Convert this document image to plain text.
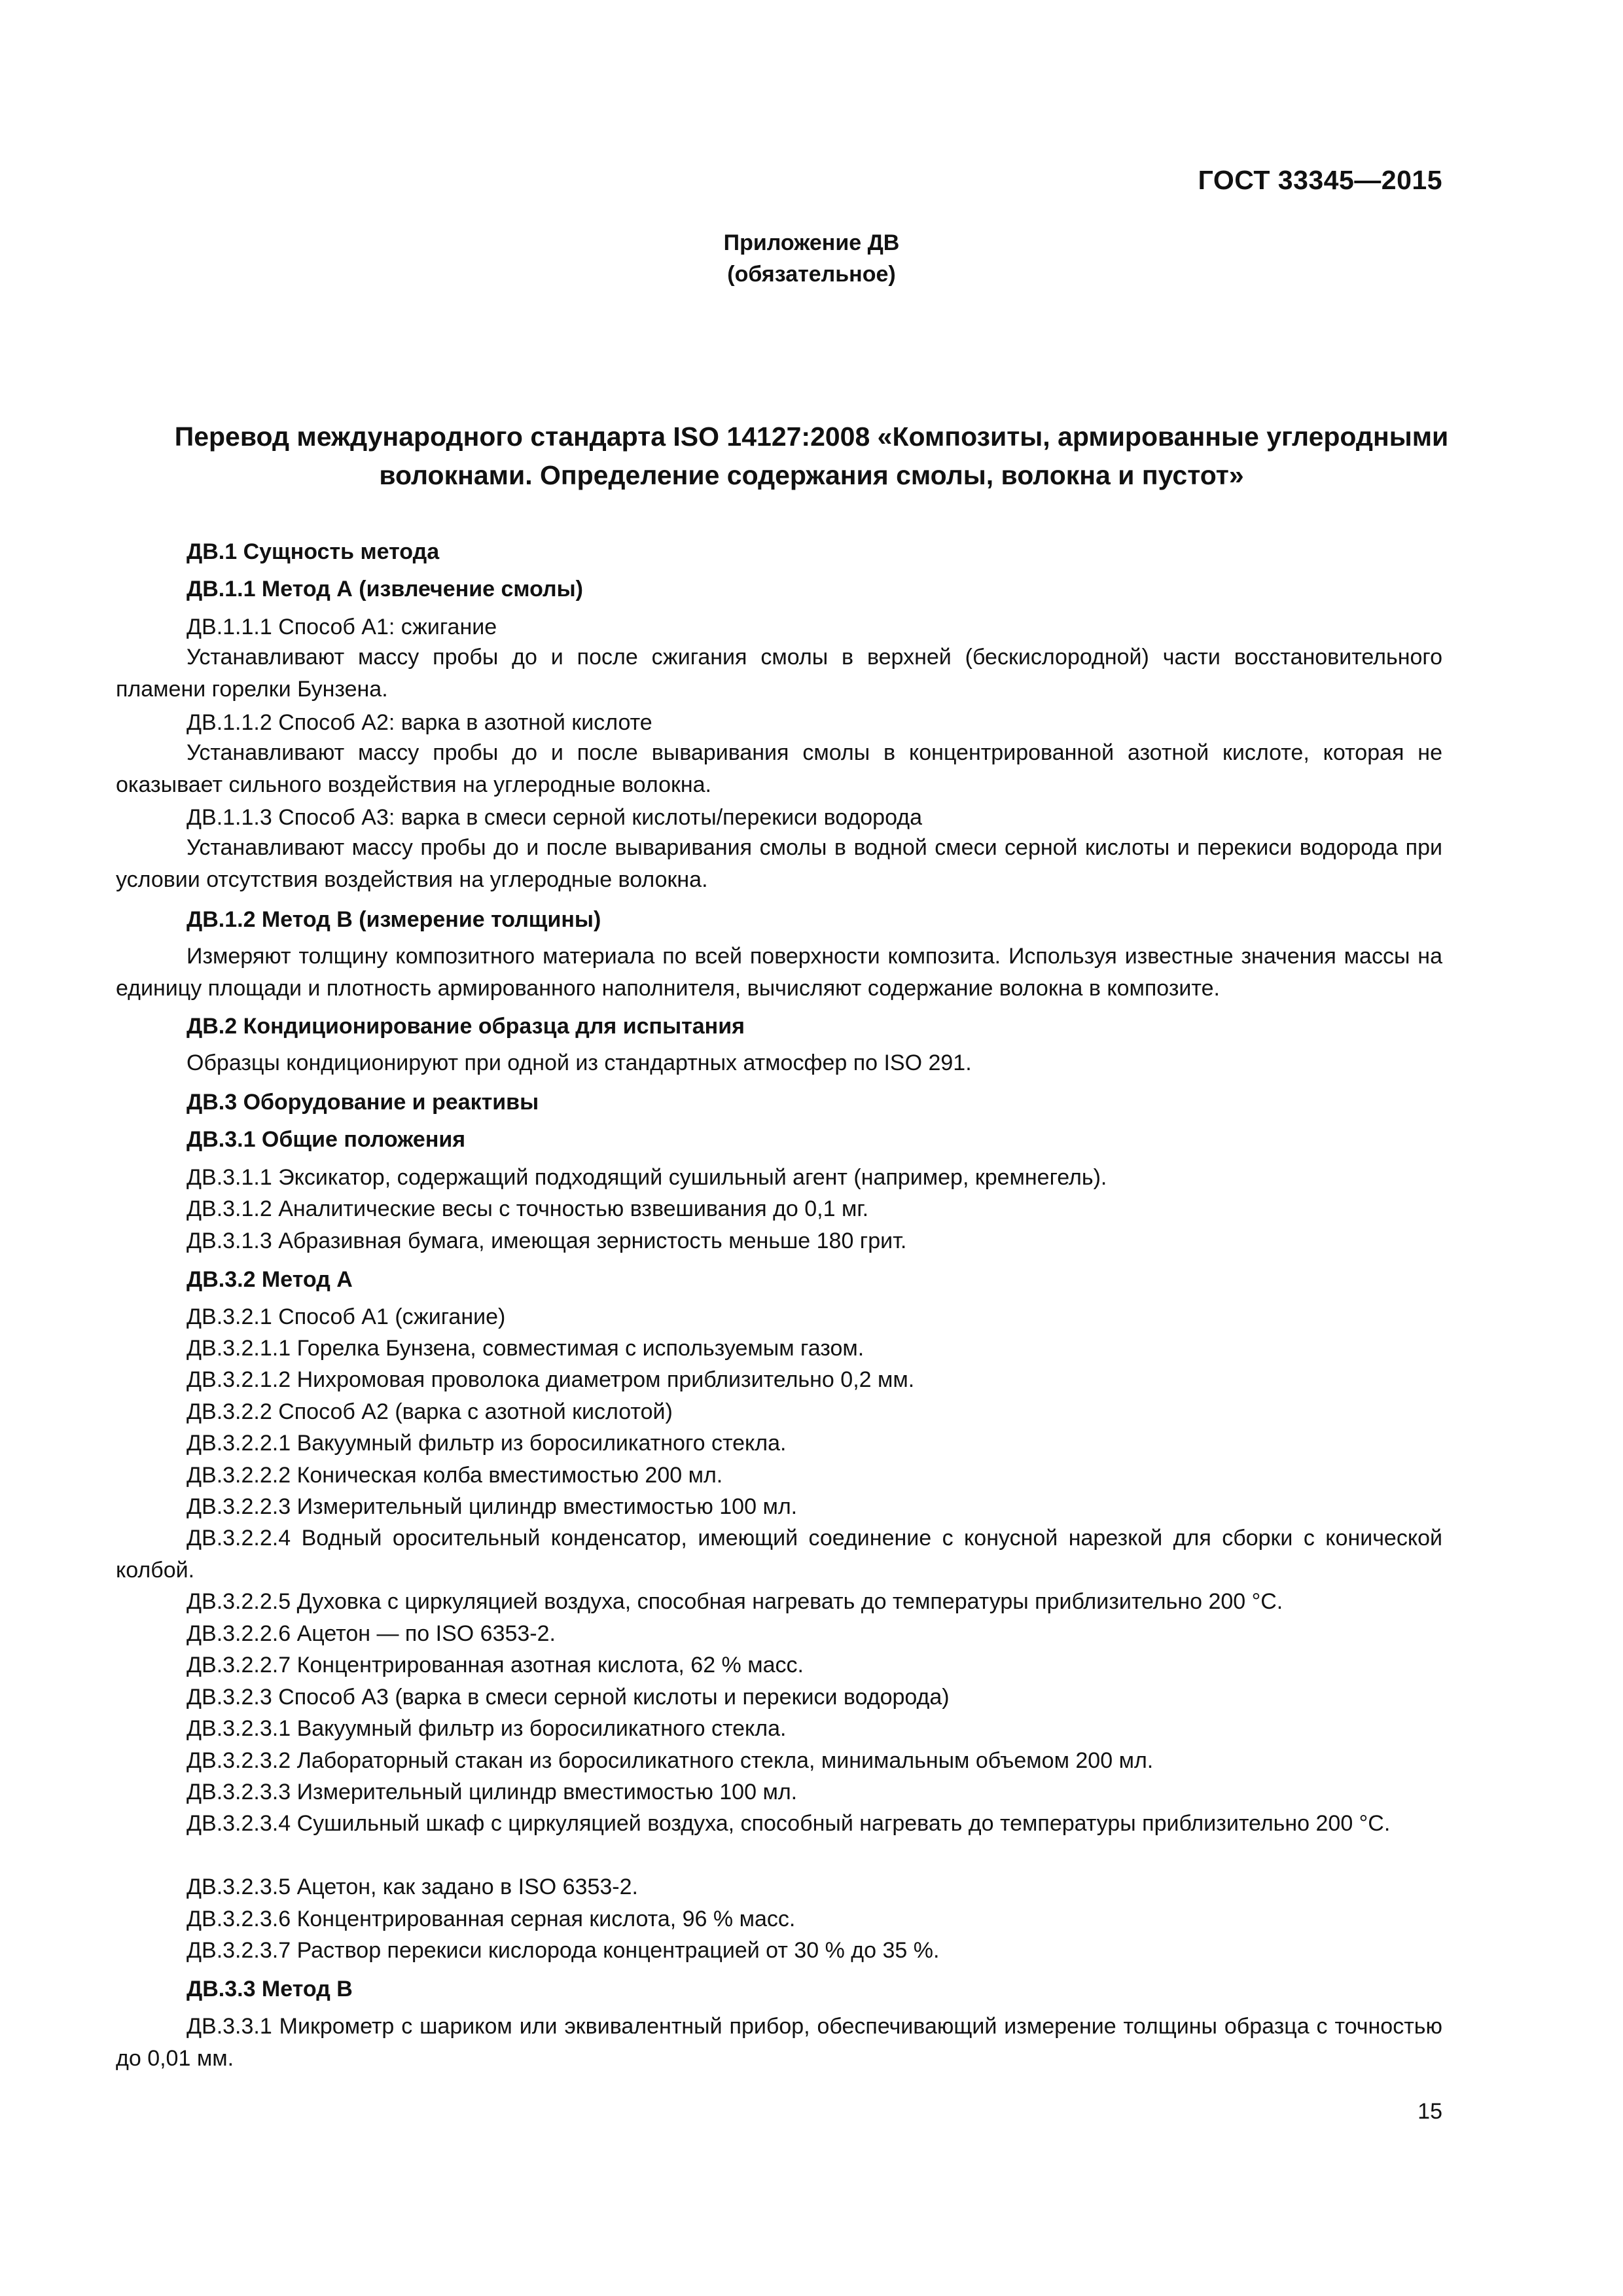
ГОСТ 33345—2015
Приложение ДВ
(обязательное)
Перевод международного стандарта ISO 14127:2008 «Композиты, армированные углеродными
волокнами. Определение содержания смолы, волокна и пустот»
ДВ.1 Сущность метода
ДВ.1.1 Метод А (извлечение смолы)
ДВ.1.1.1 Способ А1: сжигание

Устанавливают массу пробы до и после сжигания смолы в верхней (бескислородной) части восстановительного пламени горелки Бунзена.

ДВ.1.1.2 Способ А2: варка в азотной кислоте

Устанавливают массу пробы до и после вываривания смолы в концентрированной азотной кислоте, которая не оказывает сильного воздействия на углеродные волокна.

ДВ.1.1.3 Способ А3: варка в смеси серной кислоты/перекиси водорода

Устанавливают массу пробы до и после вываривания смолы в водной смеси серной кислоты и перекиси водорода при условии отсутствия воздействия на углеродные волокна.

ДВ.1.2 Метод В (измерение толщины)

Измеряют толщину композитного материала по всей поверхности композита. Используя известные значения массы на единицу площади и плотность армированного наполнителя, вычисляют содержание волокна в композите.

ДВ.2 Кондиционирование образца для испытания
Образцы кондиционируют при одной из стандартных атмосфер по ISO 291.
ДВ.3 Оборудование и реактивы
ДВ.3.1 Общие положения
ДВ.3.1.1 Эксикатор, содержащий подходящий сушильный агент (например, кремнегель).
ДВ.3.1.2 Аналитические весы с точностью взвешивания до 0,1 мг.
ДВ.3.1.3 Абразивная бумага, имеющая зернистость меньше 180 грит.
ДВ.3.2 Метод А
ДВ.3.2.1 Способ А1 (сжигание)
ДВ.3.2.1.1 Горелка Бунзена, совместимая с используемым газом.
ДВ.3.2.1.2 Нихромовая проволока диаметром приблизительно 0,2 мм.
ДВ.3.2.2 Способ А2 (варка с азотной кислотой)
ДВ.3.2.2.1 Вакуумный фильтр из боросиликатного стекла.
ДВ.3.2.2.2 Коническая колба вместимостью 200 мл.
ДВ.3.2.2.3 Измерительный цилиндр вместимостью 100 мл.

ДВ.3.2.2.4 Водный оросительный конденсатор, имеющий соединение с конусной нарезкой для сборки с конической колбой.

ДВ.3.2.2.5 Духовка с циркуляцией воздуха, способная нагревать до температуры приблизительно 200 °С.
ДВ.3.2.2.6 Ацетон — по ISO 6353-2.
ДВ.3.2.2.7 Концентрированная азотная кислота, 62 % масс.
ДВ.3.2.3 Способ А3 (варка в смеси серной кислоты и перекиси водорода)
ДВ.3.2.3.1 Вакуумный фильтр из боросиликатного стекла.
ДВ.3.2.3.2 Лабораторный стакан из боросиликатного стекла, минимальным объемом 200 мл.
ДВ.3.2.3.3 Измерительный цилиндр вместимостью 100 мл.

ДВ.3.2.3.4 Сушильный шкаф с циркуляцией воздуха, способный нагревать до температуры приблизительно 200 °С.

ДВ.3.2.3.5 Ацетон, как задано в ISO 6353-2.
ДВ.3.2.3.6 Концентрированная серная кислота, 96 % масс.
ДВ.3.2.3.7 Раствор перекиси кислорода концентрацией от 30 % до 35 %.
ДВ.3.3 Метод В

ДВ.3.3.1 Микрометр с шариком или эквивалентный прибор, обеспечивающий измерение толщины образца с точностью до 0,01 мм.

15
